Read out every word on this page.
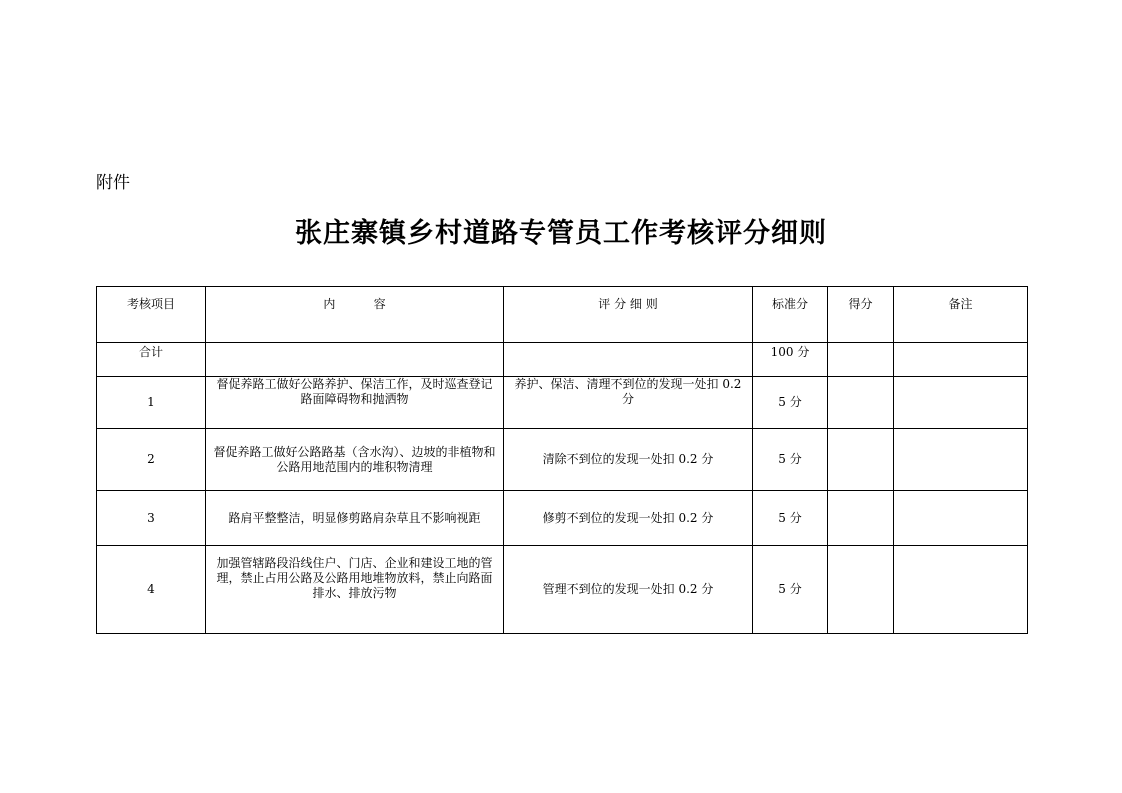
附件
张庄寨镇乡村道路专管员工作考核评分细则
考核项目	内          容	评 分 细 则	标准分	得分	备注
合计			100 分		
1	督促养路工做好公路养护、保洁工作，及时巡查登记路面障碍物和抛洒物	养护、保洁、清理不到位的发现一处扣 0.2 分	5 分		
2	督促养路工做好公路路基（含水沟）、边坡的非植物和公路用地范围内的堆积物清理	清除不到位的发现一处扣 0.2 分	5 分		
3	路肩平整整洁，明显修剪路肩杂草且不影响视距	修剪不到位的发现一处扣 0.2 分	5 分		
4	加强管辖路段沿线住户、门店、企业和建设工地的管理，禁止占用公路及公路用地堆物放料，禁止向路面排水、排放污物	管理不到位的发现一处扣 0.2 分	5 分		
